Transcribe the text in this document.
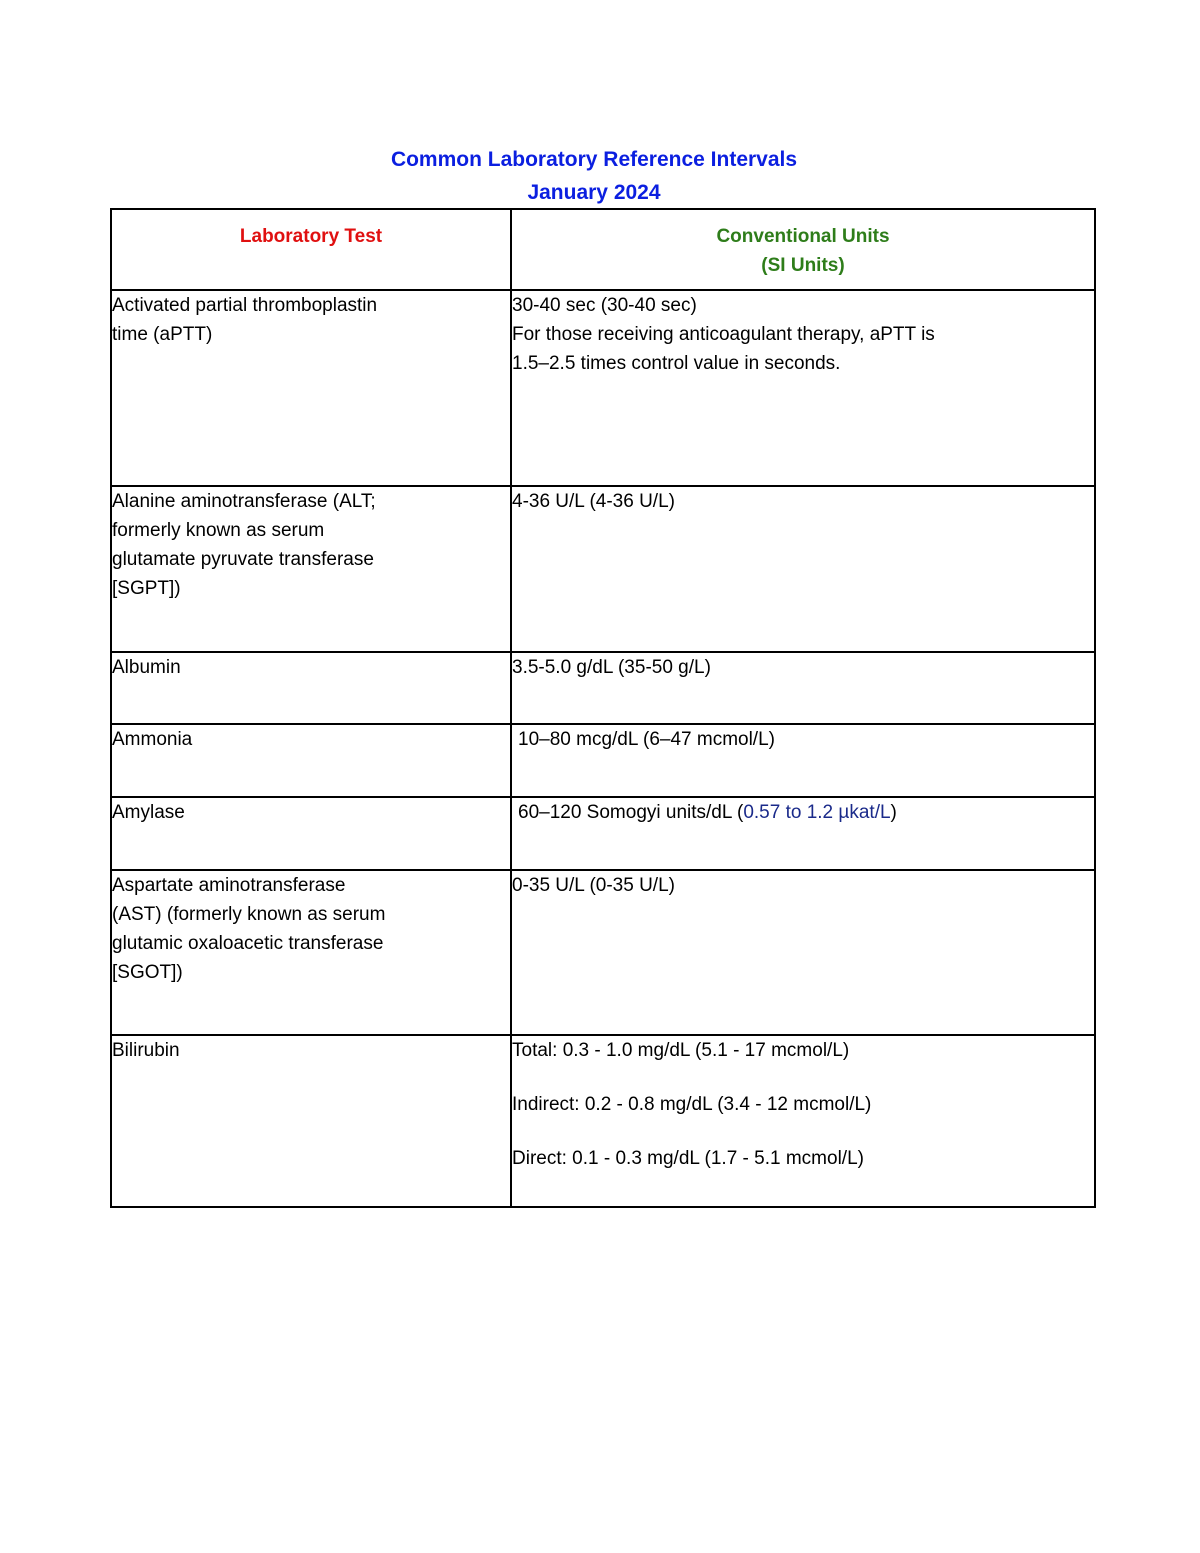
Common Laboratory Reference Intervals
January 2024
Laboratory Test	Conventional Units
(SI Units)

Activated partial thromboplastin
time (aPTT)	30-40 sec (30-40 sec)
For those receiving anticoagulant therapy, aPTT is
1.5–2.5 times control value in seconds.

Alanine aminotransferase (ALT;
formerly known as serum
glutamate pyruvate transferase
[SGPT])	4-36 U/L (4-36 U/L)

Albumin	3.5-5.0 g/dL (35-50 g/L)

Ammonia	10–80 mcg/dL (6–47 mcmol/L)

Amylase	60–120 Somogyi units/dL (0.57 to 1.2 µkat/L)

Aspartate aminotransferase
(AST) (formerly known as serum
glutamic oxaloacetic transferase
[SGOT])	0-35 U/L (0-35 U/L)

Bilirubin	Total: 0.3 - 1.0 mg/dL (5.1 - 17 mcmol/L)
Indirect: 0.2 - 0.8 mg/dL (3.4 - 12 mcmol/L)
Direct: 0.1 - 0.3 mg/dL (1.7 - 5.1 mcmol/L)
